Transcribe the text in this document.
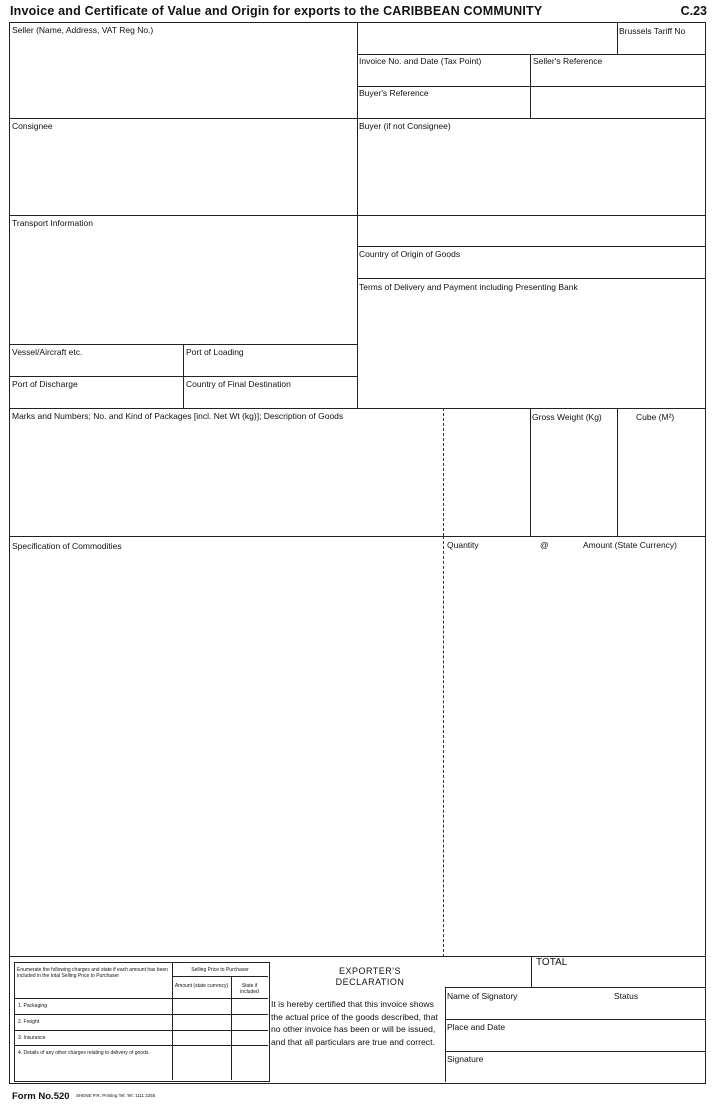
Invoice and Certificate of Value and Origin for exports to the CARIBBEAN COMMUNITY	C.23
Seller (Name, Address, VAT Reg No.)	Brussels Tariff No
Invoice No. and Date (Tax Point)	Seller's Reference
Buyer's Reference
Consignee	Buyer (if not Consignee)
Transport Information
Country of Origin of Goods
Terms of Delivery and Payment including Presenting Bank
Vessel/Aircraft etc.	Port of Loading
Port of Discharge	Country of Final Destination
Marks and Numbers; No. and Kind of Packages [incl. Net Wt (kg)]; Description of Goods	Gross Weight (Kg)	Cube (M²)
Specification of Commodities	Quantity	@	Amount (State Currency)
TOTAL
Name of Signatory	Status
Place and Date
Signature
EXPORTER'S
DECLARATION
It is hereby certified that this invoice shows the actual price of the goods described, that no other invoice has been or will be issued, and that all particulars are true and correct.
Enumerate the following charges and state if each amount has been included in the total Selling Price to Purchaser
Selling Price to Purchaser
Amount (state currency)	State if included
1. Packaging
2. Freight
3. Insurance
4. Details of any other charges relating to delivery of goods.
Form No.520 SHENE P.R. Printing Tel: Tel: 1111 2255
